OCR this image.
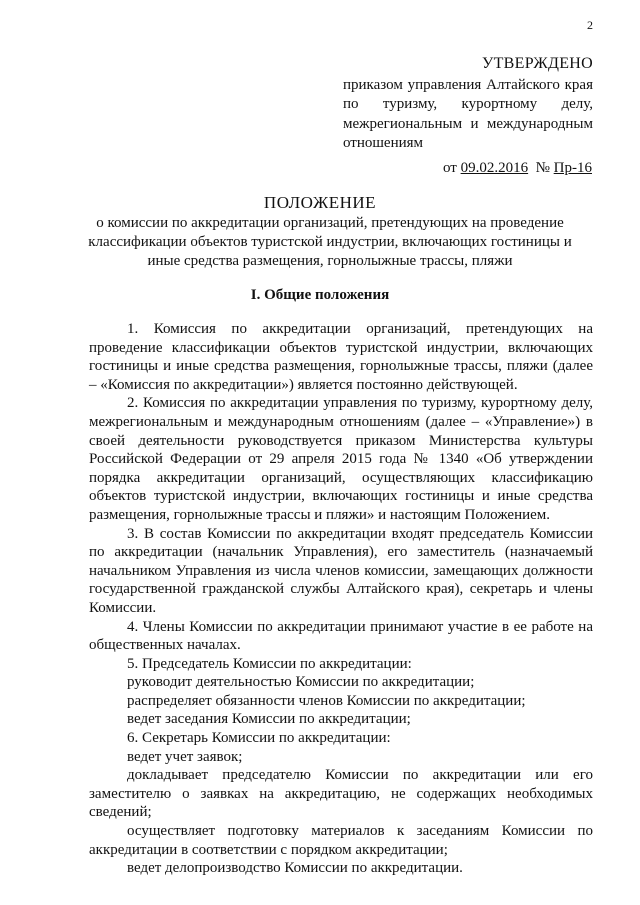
2
УТВЕРЖДЕНО
приказом управления Алтайского края по туризму, курортному делу, межрегиональным и международным отношениям
от 09.02.2016 № Пр-16
ПОЛОЖЕНИЕ
о комиссии по аккредитации организаций, претендующих на проведение классификации объектов туристской индустрии, включающих гостиницы и иные средства размещения, горнолыжные трассы, пляжи
I. Общие положения

1. Комиссия по аккредитации организаций, претендующих на проведение классификации объектов туристской индустрии, включающих гостиницы и иные средства размещения, горнолыжные трассы, пляжи (далее – «Комиссия по аккредитации») является постоянно действующей.

2. Комиссия по аккредитации управления по туризму, курортному делу, межрегиональным и международным отношениям (далее – «Управление») в своей деятельности руководствуется приказом Министерства культуры Российской Федерации от 29 апреля 2015 года № 1340 «Об утверждении порядка аккредитации организаций, осуществляющих классификацию объектов туристской индустрии, включающих гостиницы и иные средства размещения, горнолыжные трассы и пляжи» и настоящим Положением.

3. В состав Комиссии по аккредитации входят председатель Комиссии по аккредитации (начальник Управления), его заместитель (назначаемый начальником Управления из числа членов комиссии, замещающих должности государственной гражданской службы Алтайского края), секретарь и члены Комиссии.

4. Члены Комиссии по аккредитации принимают участие в ее работе на общественных началах.

5. Председатель Комиссии по аккредитации:

руководит деятельностью Комиссии по аккредитации;

распределяет обязанности членов Комиссии по аккредитации;

ведет заседания Комиссии по аккредитации;

6. Секретарь Комиссии по аккредитации:

ведет учет заявок;

докладывает председателю Комиссии по аккредитации или его заместителю о заявках на аккредитацию, не содержащих необходимых сведений;

осуществляет подготовку материалов к заседаниям Комиссии по аккредитации в соответствии с порядком аккредитации;

ведет делопроизводство Комиссии по аккредитации.
